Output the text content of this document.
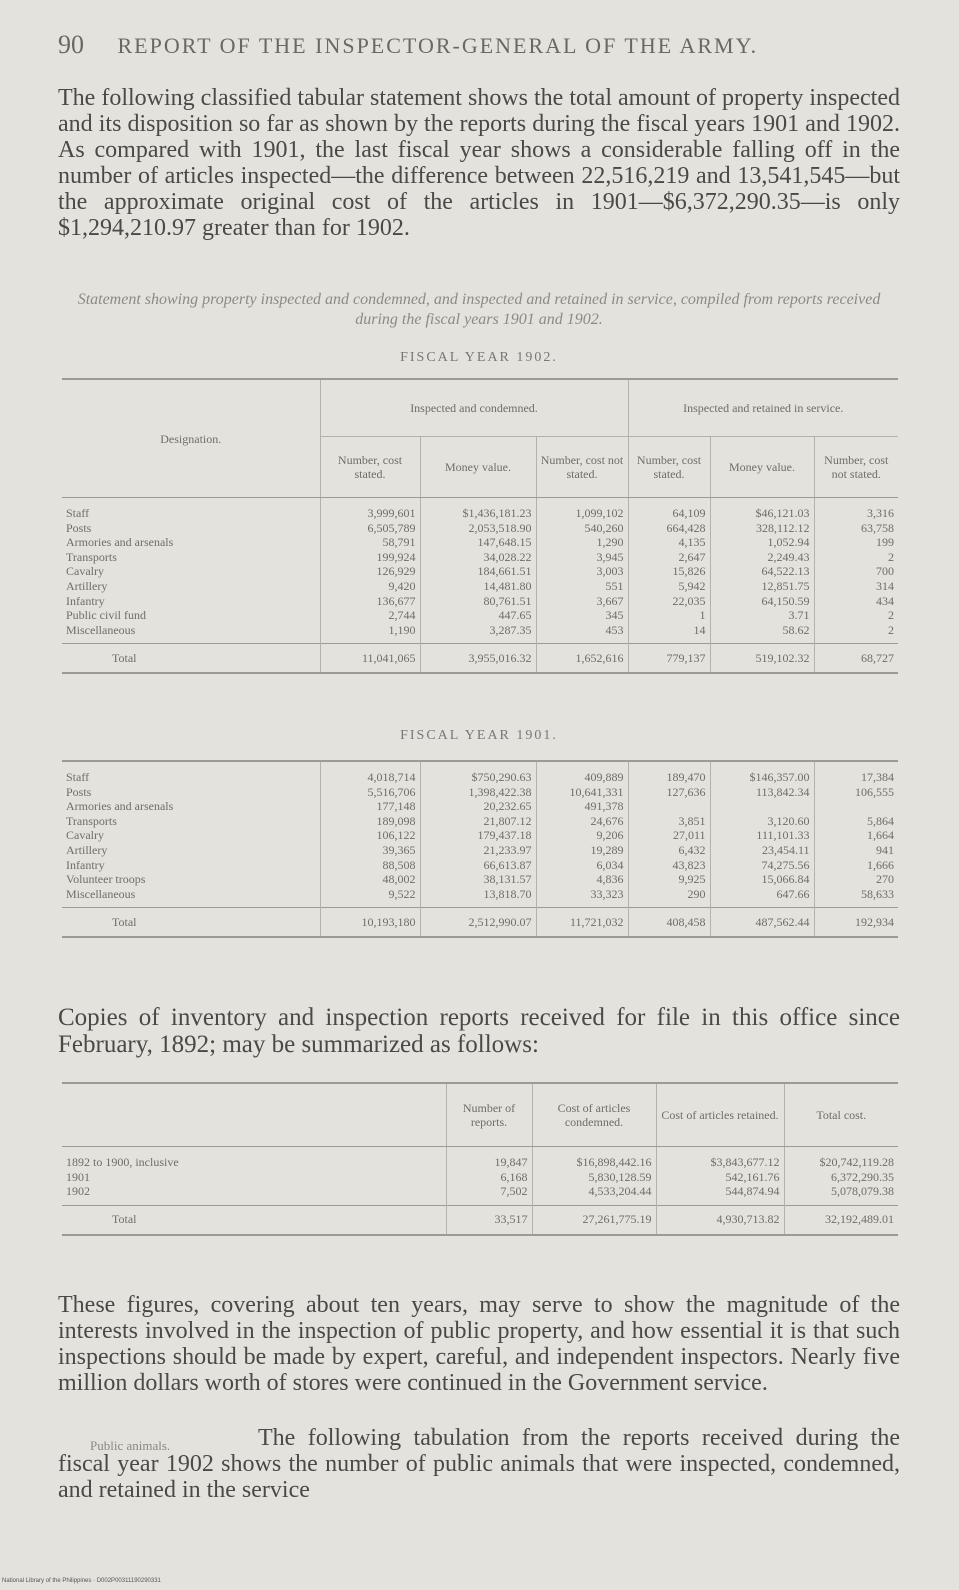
90 REPORT OF THE INSPECTOR-GENERAL OF THE ARMY.
The following classified tabular statement shows the total amount of property inspected and its disposition so far as shown by the reports during the fiscal years 1901 and 1902. As compared with 1901, the last fiscal year shows a considerable falling off in the number of articles inspected—the difference between 22,516,219 and 13,541,545—but the approximate original cost of the articles in 1901—$6,372,290.35—is only $1,294,210.97 greater than for 1902.
Statement showing property inspected and condemned, and inspected and retained in service, compiled from reports received during the fiscal years 1901 and 1902.
FISCAL YEAR 1902.
Designation.	Inspected and condemned.			Inspected and retained in service.		
	Number, cost stated.	Money value.	Number, cost not stated.	Number, cost stated.	Money value.	Number, cost not stated.
Staff	3,999,601	$1,436,181.23	1,099,102	64,109	$46,121.03	3,316
Posts	6,505,789	2,053,518.90	540,260	664,428	328,112.12	63,758
Armories and arsenals	58,791	147,648.15	1,290	4,135	1,052.94	199
Transports	199,924	34,028.22	3,945	2,647	2,249.43	2
Cavalry	126,929	184,661.51	3,003	15,826	64,522.13	700
Artillery	9,420	14,481.80	551	5,942	12,851.75	314
Infantry	136,677	80,761.51	3,667	22,035	64,150.59	434
Public civil fund	2,744	447.65	345	1	3.71	2
Miscellaneous	1,190	3,287.35	453	14	58.62	2
Total	11,041,065	3,955,016.32	1,652,616	779,137	519,102.32	68,727
FISCAL YEAR 1901.
Staff	4,018,714	$750,290.63	409,889	189,470	$146,357.00	17,384
Posts	5,516,706	1,398,422.38	10,641,331	127,636	113,842.34	106,555
Armories and arsenals	177,148	20,232.65	491,378			
Transports	189,098	21,807.12	24,676	3,851	3,120.60	5,864
Cavalry	106,122	179,437.18	9,206	27,011	111,101.33	1,664
Artillery	39,365	21,233.97	19,289	6,432	23,454.11	941
Infantry	88,508	66,613.87	6,034	43,823	74,275.56	1,666
Volunteer troops	48,002	38,131.57	4,836	9,925	15,066.84	270
Miscellaneous	9,522	13,818.70	33,323	290	647.66	58,633
Total	10,193,180	2,512,990.07	11,721,032	408,458	487,562.44	192,934
Copies of inventory and inspection reports received for file in this office since February, 1892; may be summarized as follows:
	Number of reports.	Cost of articles condemned.	Cost of articles retained.	Total cost.
1892 to 1900, inclusive	19,847	$16,898,442.16	$3,843,677.12	$20,742,119.28
1901	6,168	5,830,128.59	542,161.76	6,372,290.35
1902	7,502	4,533,204.44	544,874.94	5,078,079.38
Total	33,517	27,261,775.19	4,930,713.82	32,192,489.01
These figures, covering about ten years, may serve to show the magnitude of the interests involved in the inspection of public property, and how essential it is that such inspections should be made by expert, careful, and independent inspectors. Nearly five million dollars worth of stores were continued in the Government service.
Public animals.	The following tabulation from the reports received during the fiscal year 1902 shows the number of public animals that were inspected, condemned, and retained in the service
National Library of the Philippines · D002P00311190290331
